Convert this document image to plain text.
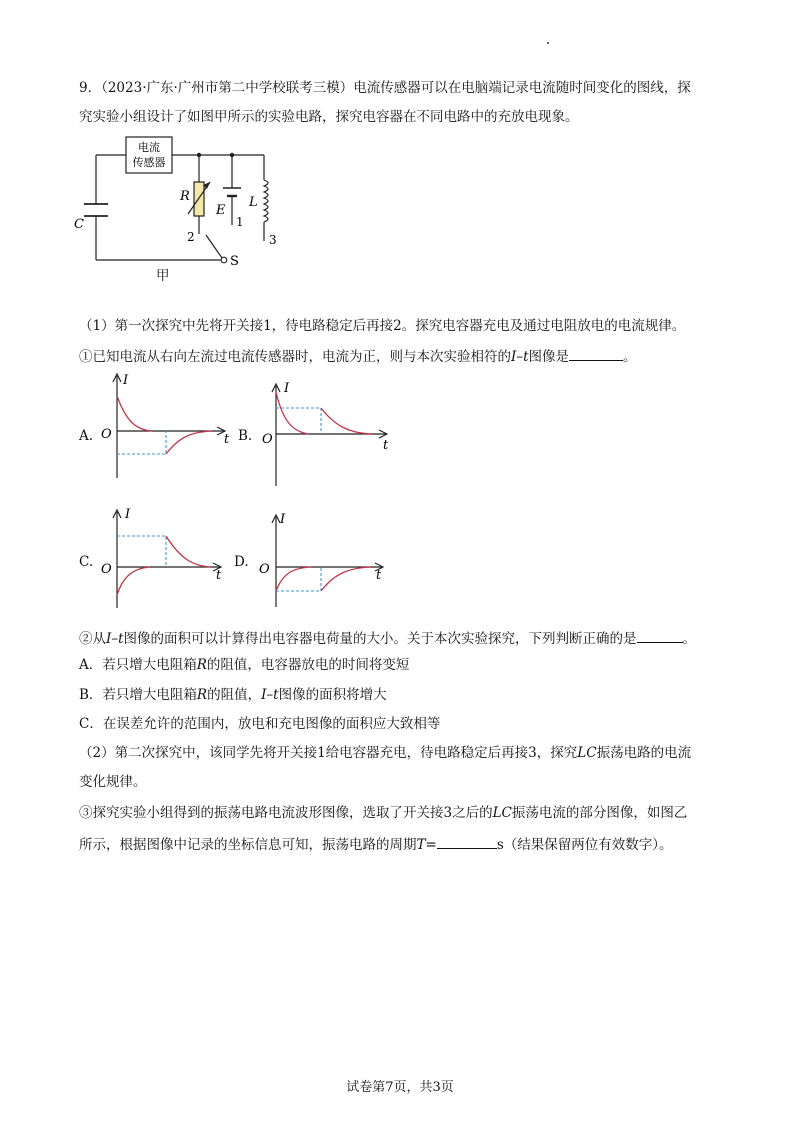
9．（2023·广东·广州市第二中学校联考三模）电流传感器可以在电脑端记录电流随时间变化的图线，探
究实验小组设计了如图甲所示的实验电路，探究电容器在不同电路中的充放电现象。
电流
传感器
C
R
E
L
1
2	3
S
甲
（1）第一次探究中先将开关接1，待电路稳定后再接2。探究电容器充电及通过电阻放电的电流规律。
①已知电流从右向左流过电流传感器时，电流为正，则与本次实验相符的I–t图像是	。
A.
I
O	t B.
I
O	t
C.
I
O	t
D.
I
O	t
②从I–t图像的面积可以计算得出电容器电荷量的大小。关于本次实验探究，下列判断正确的是	。
A．若只增大电阻箱R的阻值，电容器放电的时间将变短
B．若只增大电阻箱R的阻值，I–t图像的面积将增大
C．在误差允许的范围内，放电和充电图像的面积应大致相等
（2）第二次探究中，该同学先将开关接1给电容器充电，待电路稳定后再接3，探究LC振荡电路的电流
变化规律。
③探究实验小组得到的振荡电路电流波形图像，选取了开关接3之后的LC振荡电流的部分图像，如图乙
所示，根据图像中记录的坐标信息可知，振荡电路的周期T=	s（结果保留两位有效数字）。
试卷第7页，共3页
